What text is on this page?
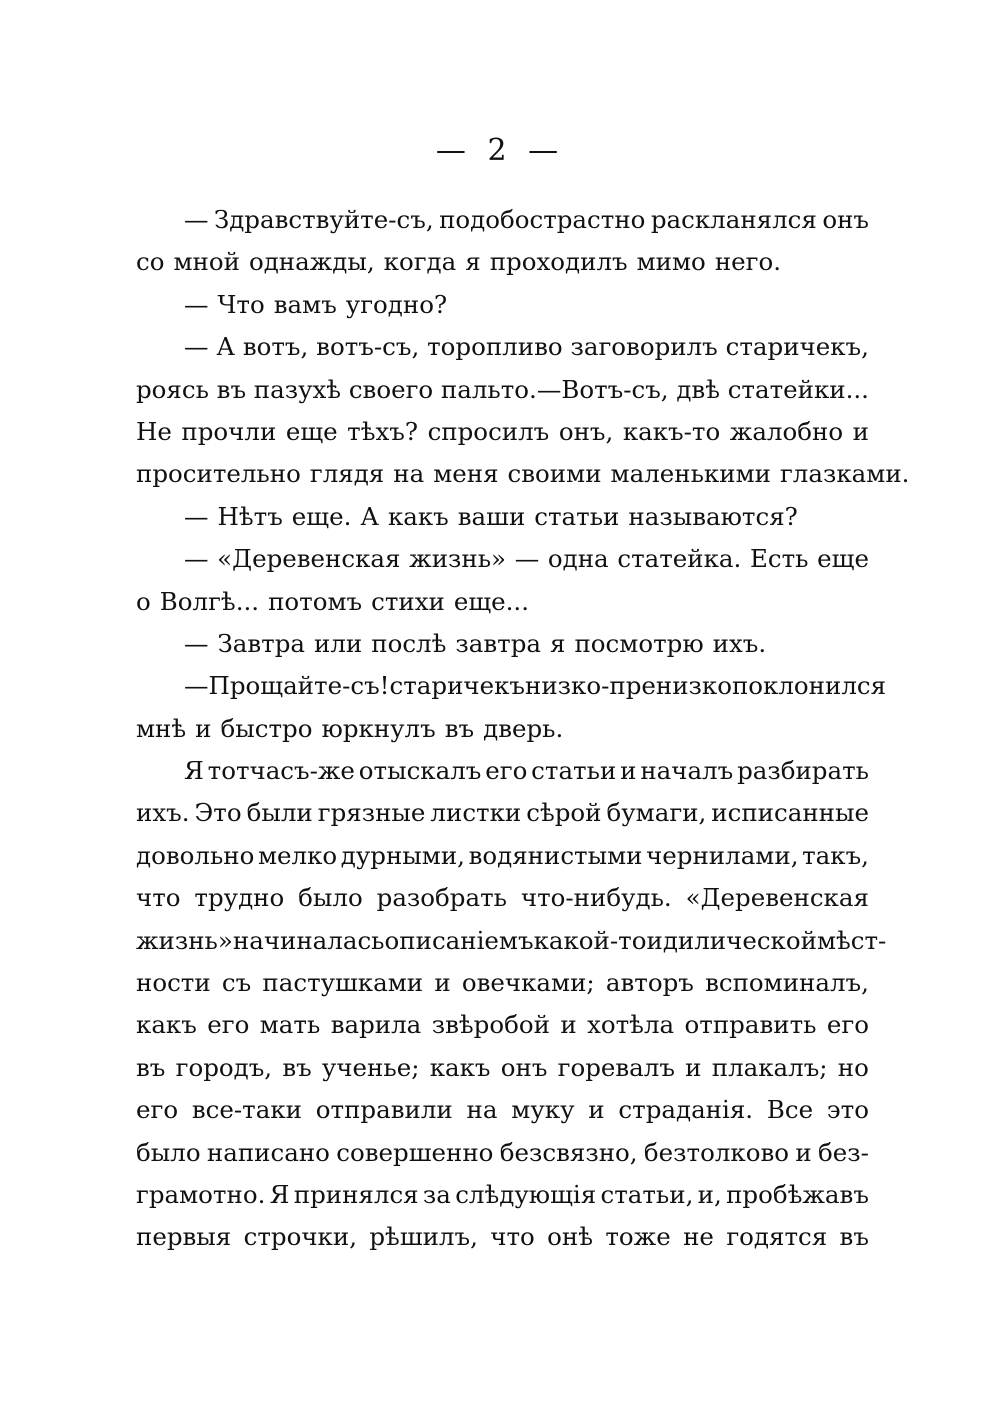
— 2 —
— Здравствуйте-съ, подобострастно раскланялся онъ
со мной однажды, когда я проходилъ мимо него.
— Что вамъ угодно?
— А вотъ, вотъ-съ, торопливо заговорилъ старичекъ,
роясь въ пазухѣ своего пальто.—Вотъ-съ, двѣ статейки...
Не прочли еще тѣхъ? спросилъ онъ, какъ-то жалобно и
просительно глядя на меня своими маленькими глазками.
— Нѣтъ еще. А какъ ваши статьи называются?
— «Деревенская жизнь» — одна статейка. Есть еще
о Волгѣ... потомъ стихи еще...
— Завтра или послѣ завтра я посмотрю ихъ.
— Прощайте-съ! старичекъ низко-пренизко поклонился
мнѣ и быстро юркнулъ въ дверь.
Я тотчасъ-же отыскалъ его статьи и началъ разбирать
ихъ. Это были грязные листки сѣрой бумаги, исписанные
довольно мелко дурными, водянистыми чернилами, такъ,
что трудно было разобрать что-нибудь. «Деревенская
жизнь» начиналась описаніемъ какой-то идилической мѣст-
ности съ пастушками и овечками; авторъ вспоминалъ,
какъ его мать варила звѣробой и хотѣла отправить его
въ городъ, въ ученье; какъ онъ горевалъ и плакалъ; но
его все-таки отправили на муку и страданія. Все это
было написано совершенно безсвязно, безтолково и без-
грамотно. Я принялся за слѣдующія статьи, и, пробѣжавъ
первыя строчки, рѣшилъ, что онѣ тоже не годятся въ
